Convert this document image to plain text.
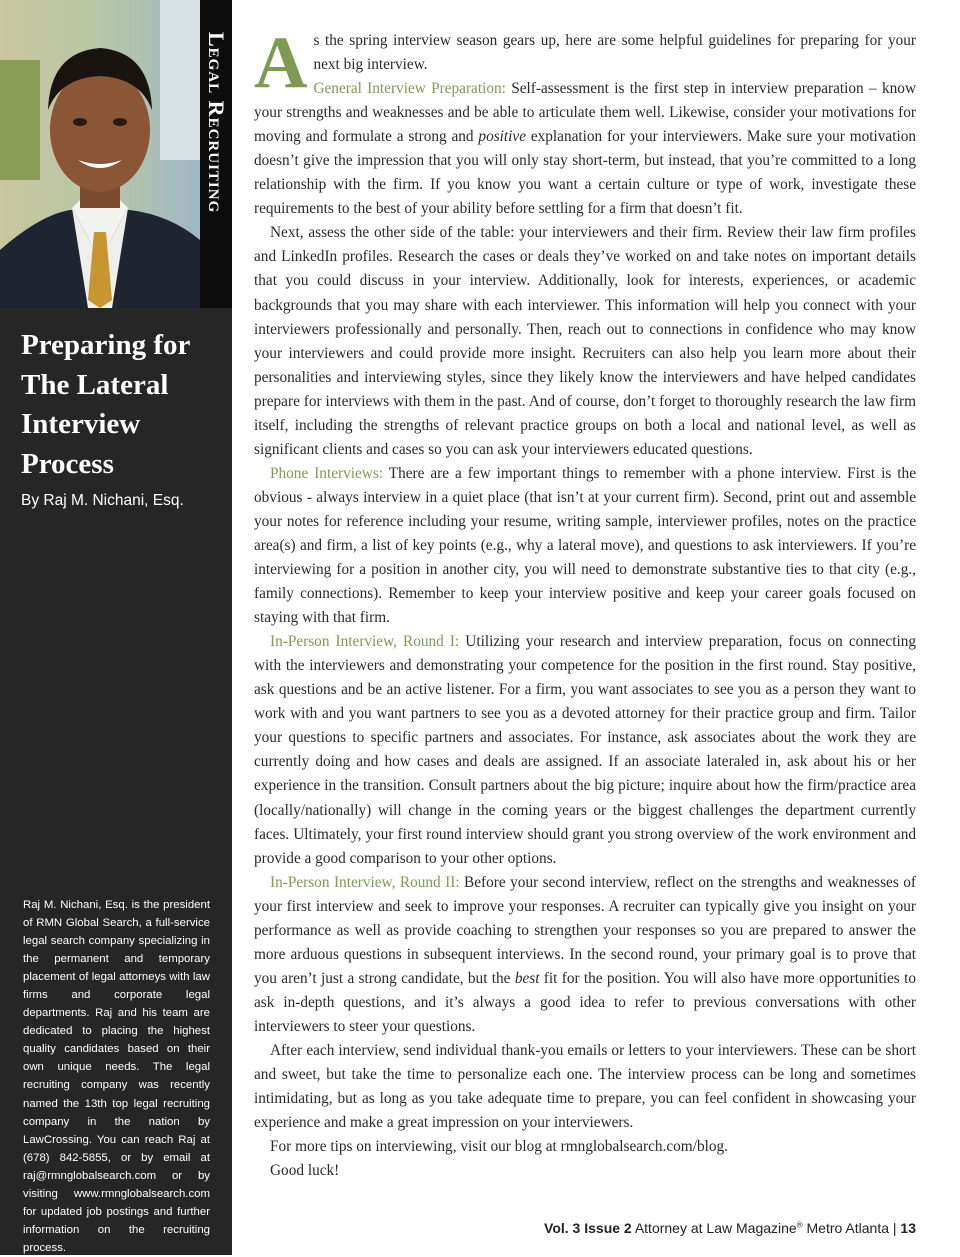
Legal Recruiting
Preparing for
The Lateral
Interview
Process
By Raj M. Nichani, Esq.
Raj M. Nichani, Esq. is the president of RMN Global Search, a full-service legal search company specializing in the permanent and temporary placement of legal attorneys with law firms and corporate legal departments. Raj and his team are dedicated to placing the highest quality candidates based on their own unique needs. The legal recruiting company was recently named the 13th top legal recruiting company in the nation by LawCrossing. You can reach Raj at (678) 842-5855, or by email at raj@rmnglobalsearch.com or by visiting www.rmnglobalsearch.com for updated job postings and further information on the recruiting process.

As the spring interview season gears up, here are some helpful guidelines for preparing for your next big interview.
General Interview Preparation: Self-assessment is the first step in interview preparation – know your strengths and weaknesses and be able to articulate them well. Likewise, consider your motivations for moving and formulate a strong and positive explanation for your interviewers. Make sure your motivation doesn’t give the impression that you will only stay short-term, but instead, that you’re committed to a long relationship with the firm. If you know you want a certain culture or type of work, investigate these requirements to the best of your ability before settling for a firm that doesn’t fit.

Next, assess the other side of the table: your interviewers and their firm. Review their law firm profiles and LinkedIn profiles. Research the cases or deals they’ve worked on and take notes on important details that you could discuss in your interview. Additionally, look for interests, experiences, or academic backgrounds that you may share with each interviewer. This information will help you connect with your interviewers professionally and personally. Then, reach out to connections in confidence who may know your interviewers and could provide more insight. Recruiters can also help you learn more about their personalities and interviewing styles, since they likely know the interviewers and have helped candidates prepare for interviews with them in the past. And of course, don’t forget to thoroughly research the law firm itself, including the strengths of relevant practice groups on both a local and national level, as well as significant clients and cases so you can ask your interviewers educated questions.

Phone Interviews: There are a few important things to remember with a phone interview. First is the obvious - always interview in a quiet place (that isn’t at your current firm). Second, print out and assemble your notes for reference including your resume, writing sample, interviewer profiles, notes on the practice area(s) and firm, a list of key points (e.g., why a lateral move), and questions to ask interviewers. If you’re interviewing for a position in another city, you will need to demonstrate substantive ties to that city (e.g., family connections). Remember to keep your interview positive and keep your career goals focused on staying with that firm.

In-Person Interview, Round I: Utilizing your research and interview preparation, focus on connecting with the interviewers and demonstrating your competence for the position in the first round. Stay positive, ask questions and be an active listener. For a firm, you want associates to see you as a person they want to work with and you want partners to see you as a devoted attorney for their practice group and firm. Tailor your questions to specific partners and associates. For instance, ask associates about the work they are currently doing and how cases and deals are assigned. If an associate lateraled in, ask about his or her experience in the transition. Consult partners about the big picture; inquire about how the firm/practice area (locally/nationally) will change in the coming years or the biggest challenges the department currently faces. Ultimately, your first round interview should grant you strong overview of the work environment and provide a good comparison to your other options.

In-Person Interview, Round II: Before your second interview, reflect on the strengths and weaknesses of your first interview and seek to improve your responses. A recruiter can typically give you insight on your performance as well as provide coaching to strengthen your responses so you are prepared to answer the more arduous questions in subsequent interviews. In the second round, your primary goal is to prove that you aren’t just a strong candidate, but the best fit for the position. You will also have more opportunities to ask in-depth questions, and it’s always a good idea to refer to previous conversations with other interviewers to steer your questions.

After each interview, send individual thank-you emails or letters to your interviewers. These can be short and sweet, but take the time to personalize each one. The interview process can be long and sometimes intimidating, but as long as you take adequate time to prepare, you can feel confident in showcasing your experience and make a great impression on your interviewers.

For more tips on interviewing, visit our blog at rmnglobalsearch.com/blog.

Good luck!

Vol. 3 Issue 2 Attorney at Law Magazine® Metro Atlanta | 13
